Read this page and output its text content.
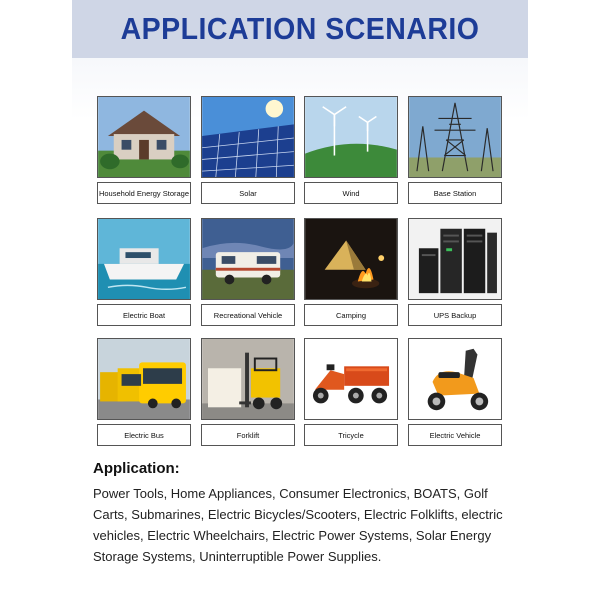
APPLICATION SCENARIO
Household Energy Storage	Solar	Wind	Base Station
Electric Boat	Recreational Vehicle	Camping	UPS Backup
Electric Bus	Forklift	Tricycle	Electric Vehicle
Application:
Power Tools, Home Appliances, Consumer Electronics, BOATS, Golf Carts, Submarines, Electric Bicycles/Scooters, Electric Folklifts, electric vehicles, Electric Wheelchairs, Electric Power Systems, Solar Energy Storage Systems, Uninterruptible Power Supplies.
